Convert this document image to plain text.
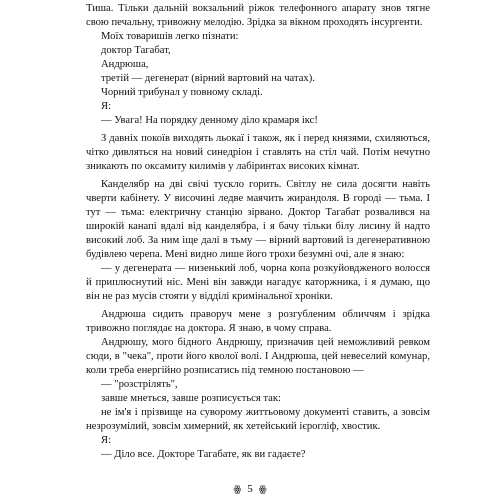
Тиша. Тільки дальній вокзальний ріжок телефонного апарату знов тягне свою печальну, тривожну мелодію. Зрідка за вікном проходять інсургенти.

Моїх товаришів легко пізнати:

доктор Тагабат,

Андрюша,

третій — дегенерат (вірний вартовий на чатах).

Чорний трибунал у повному складі.

Я:

— Увага! На порядку денному діло крамаря ікс!

З давніх покоїв виходять льокаї і також, як і перед князями, схиляються, чітко дивляться на новий синедріон і ставлять на стіл чай. Потім нечутно зникають по оксамиту килимів у лабіринтах високих кімнат.

Канделябр на дві свічі тускло горить. Світлу не сила досягти навіть чверти кабінету. У височині ледве маячить жирандоля. В городі — тьма. І тут — тьма: електричну станцію зірвано. Доктор Тагабат розвалився на широкій канапі вдалі від канделябра, і я бачу тільки білу лисину й надто високий лоб. За ним іще далі в тьму — вірний вартовий із дегенеративною будівлею черепа. Мені видно лише його трохи безумні очі, але я знаю:

— у дегенерата — низенький лоб, чорна копа розкуйовдженого волосся й приплюснутий ніс. Мені він завжди нагадує каторжника, і я думаю, що він не раз мусів стояти у відділі кримінальної хроніки.

Андрюша сидить праворуч мене з розгубленим обличчям і зрідка тривожно поглядає на доктора. Я знаю, в чому справа.

Андрюшу, мого бідного Андрюшу, призначив цей неможливий ревком сюди, в "чека", проти його кволої волі. І Андрюша, цей невеселий комунар, коли треба енергійно розписатись під темною постановою —

— "розстрілять",

завше мнеться, завше розписується так:

не ім'я і прізвище на суворому життьовому документі ставить, а зовсім незрозумілий, зовсім химерний, як хетейський ієрогліф, хвостик.

Я:

— Діло все. Докторе Тагабате, як ви гадаєте?

ꙮ 5 ꙮ
